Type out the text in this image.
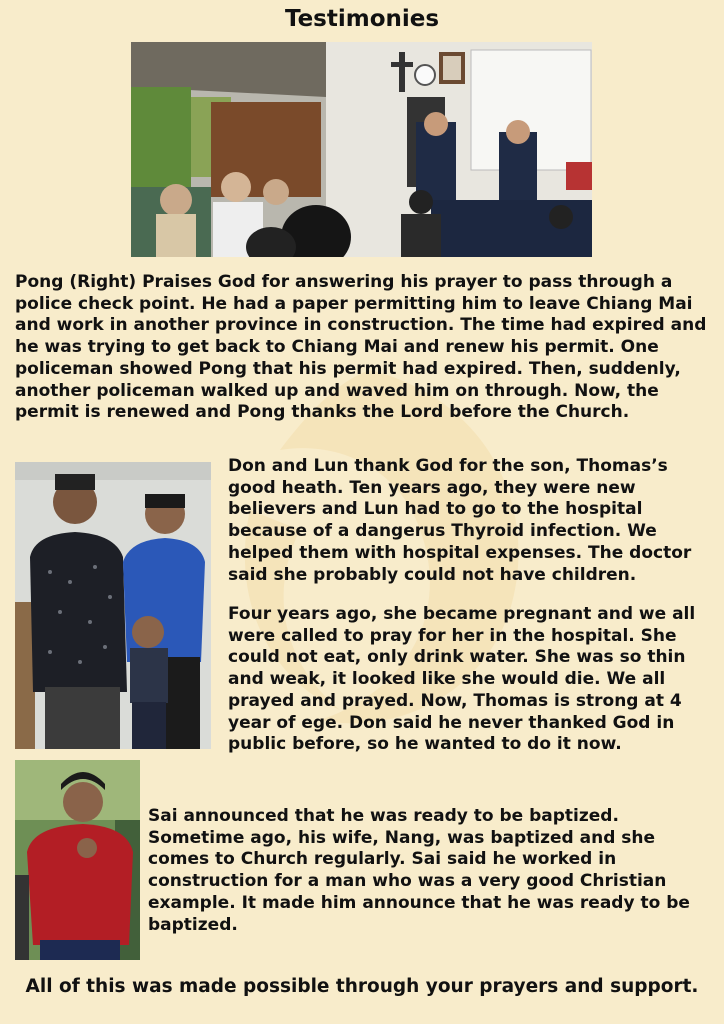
Testimonies

Pong (Right) Praises God for answering his prayer to pass through a police check point. He had a paper permitting him to leave Chiang Mai and work in another province in construction. The time had expired and he was trying to get back to Chiang Mai and renew his permit. One policeman showed Pong that his permit had expired. Then, suddenly, another policeman walked up and waved him on through. Now, the permit is renewed and Pong thanks the Lord before the Church.

Don and Lun thank God for the son, Thomas’s good heath. Ten years ago, they were new believers and Lun had to go to the hospital because of a dangerus Thyroid infection. We helped them with hospital expenses. The doctor said she probably could not have children.

Four years ago, she became pregnant and we all were called to pray for her in the hospital. She could not eat, only drink water. She was so thin and weak, it looked like she would die. We all prayed and prayed. Now, Thomas is strong at 4 year of ege. Don said he never thanked God in public before, so he wanted to do it now.

Sai announced that he was ready to be baptized. Sometime ago, his wife, Nang, was baptized and she comes to Church regularly. Sai said he worked in construction for a man who was a very good Christian example. It made him announce that he was ready to be baptized.

All of this was made possible through your prayers and support.
